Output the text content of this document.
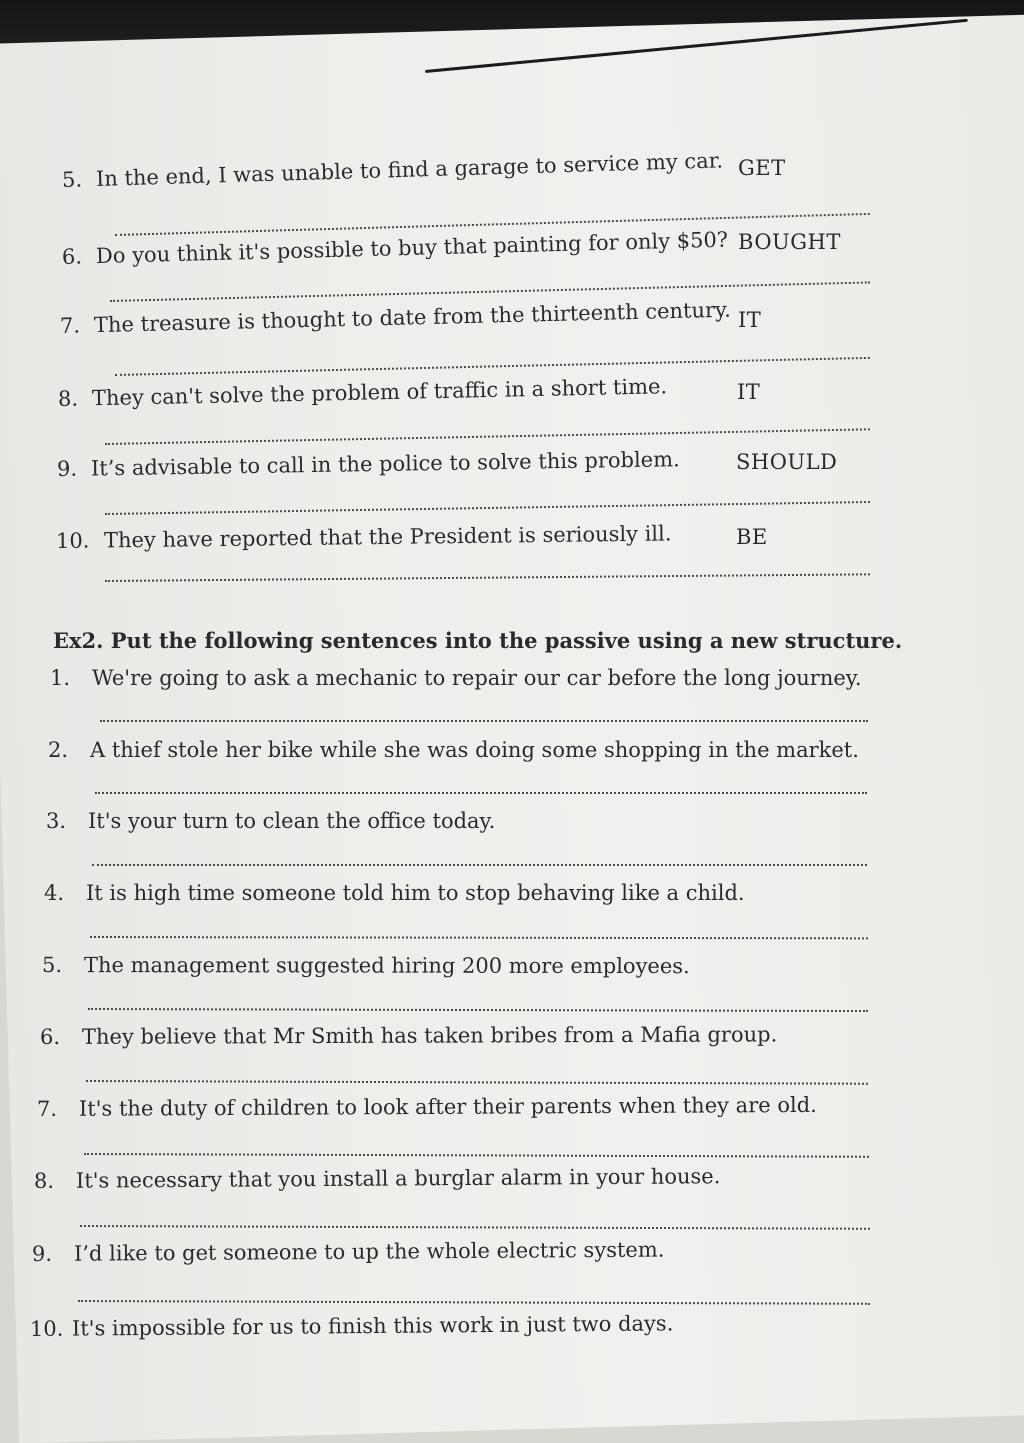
5. In the end, I was unable to find a garage to service my car. GET
6. Do you think it's possible to buy that painting for only $50? BOUGHT
7. The treasure is thought to date from the thirteenth century. IT
8. They can't solve the problem of traffic in a short time.	IT
9. It’s advisable to call in the police to solve this problem.	SHOULD
10. They have reported that the President is seriously ill.	BE
Ex2. Put the following sentences into the passive using a new structure.
1. We're going to ask a mechanic to repair our car before the long journey.
2. A thief stole her bike while she was doing some shopping in the market.
3. It's your turn to clean the office today.
4. It is high time someone told him to stop behaving like a child.
5. The management suggested hiring 200 more employees.
6. They believe that Mr Smith has taken bribes from a Mafia group.
7. It's the duty of children to look after their parents when they are old.
8. It's necessary that you install a burglar alarm in your house.
9. I’d like to get someone to up the whole electric system.
10. It's impossible for us to finish this work in just two days.
